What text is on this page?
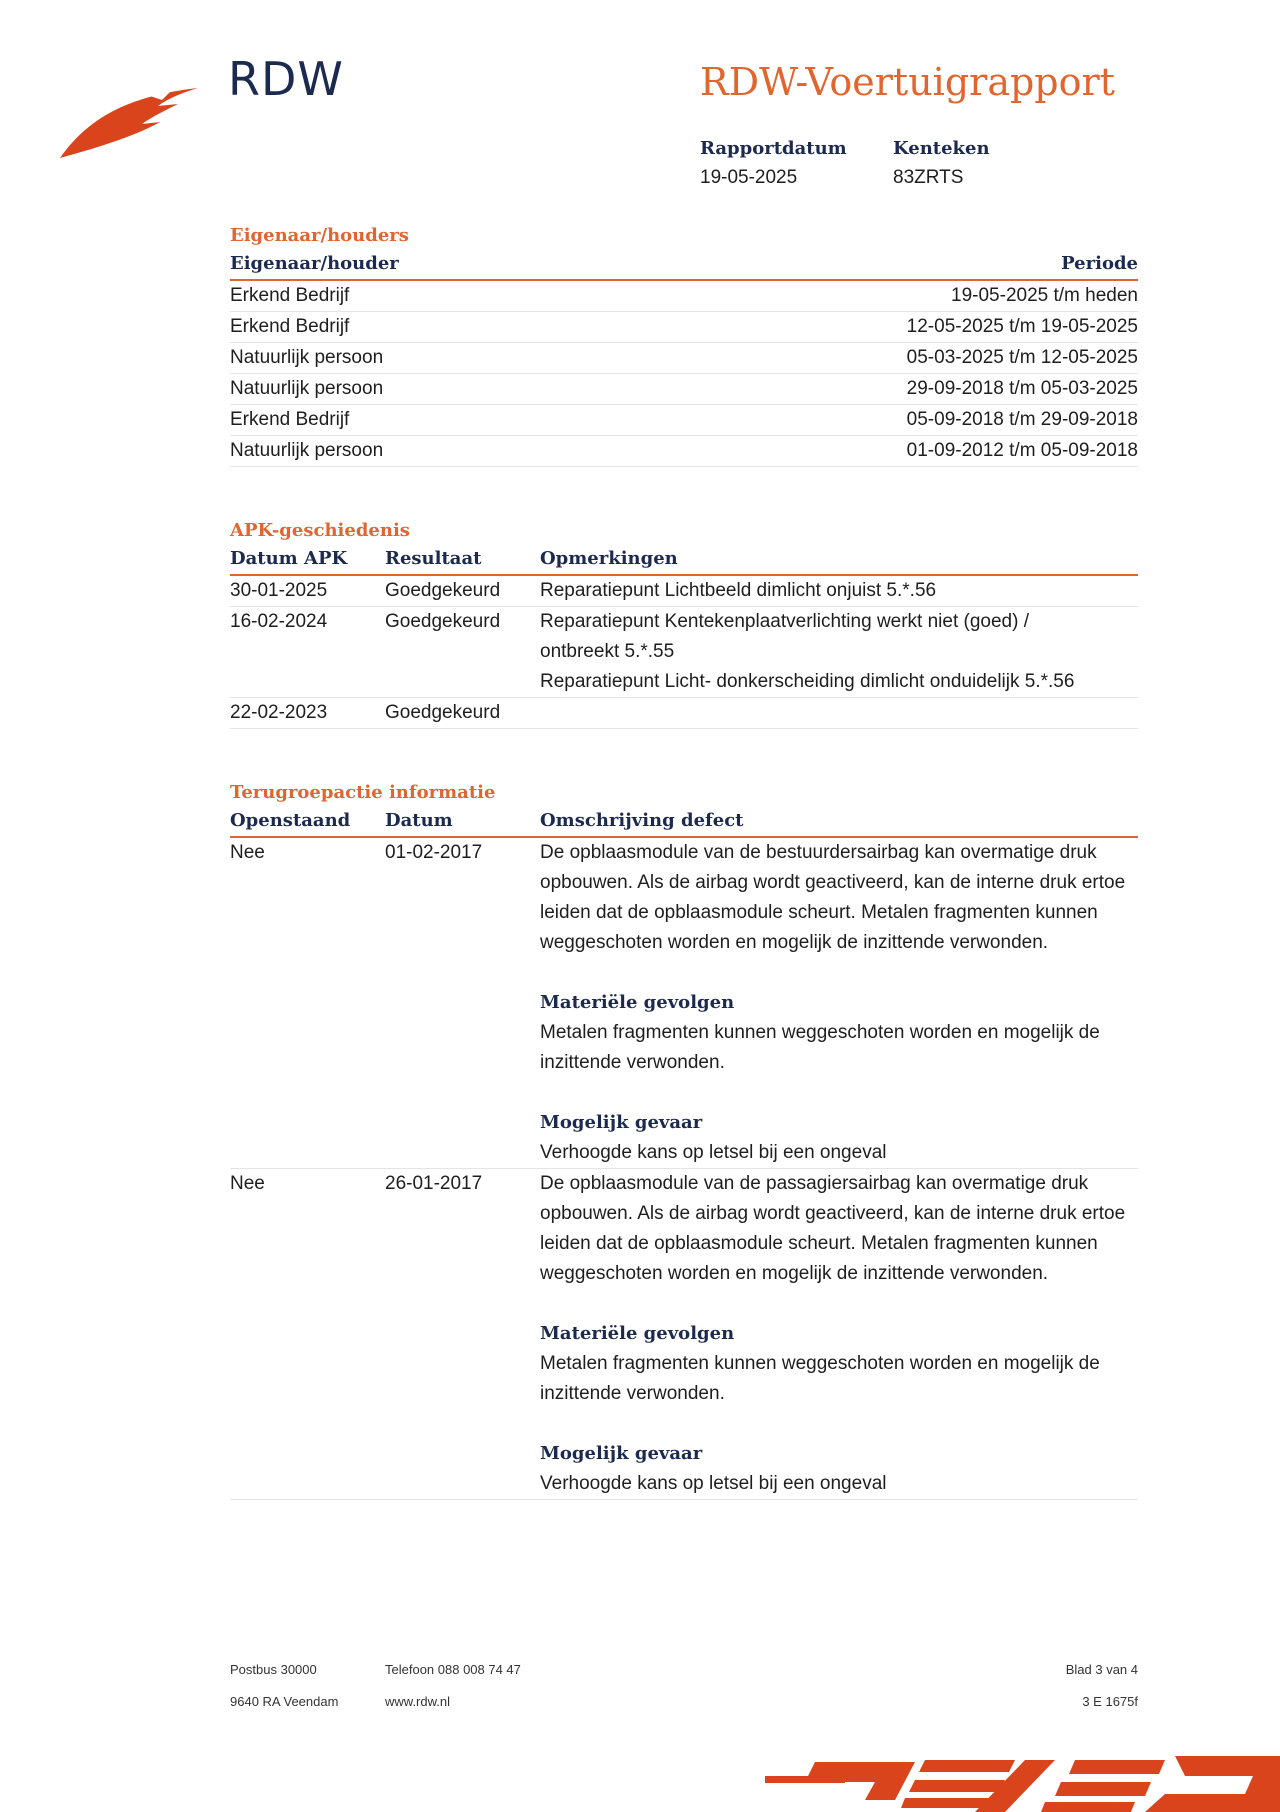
RDW	RDW-Voertuigrapport
Rapportdatum
19-05-2025
Kenteken
83ZRTS
Eigenaar/houders
Eigenaar/houder	Periode
Erkend Bedrijf	19-05-2025 t/m heden
Erkend Bedrijf	12-05-2025 t/m 19-05-2025
Natuurlijk persoon	05-03-2025 t/m 12-05-2025
Natuurlijk persoon	29-09-2018 t/m 05-03-2025
Erkend Bedrijf	05-09-2018 t/m 29-09-2018
Natuurlijk persoon	01-09-2012 t/m 05-09-2018
APK-geschiedenis
Datum APK	Resultaat	Opmerkingen
30-01-2025	Goedgekeurd	Reparatiepunt Lichtbeeld dimlicht onjuist 5.*.56
16-02-2024	Goedgekeurd	Reparatiepunt Kentekenplaatverlichting werkt niet (goed) / ontbreekt 5.*.55
Reparatiepunt Licht- donkerscheiding dimlicht onduidelijk 5.*.56
22-02-2023	Goedgekeurd
Terugroepactie informatie
Openstaand	Datum	Omschrijving defect
Nee	01-02-2017	De opblaasmodule van de bestuurdersairbag kan overmatige druk opbouwen. Als de airbag wordt geactiveerd, kan de interne druk ertoe leiden dat de opblaasmodule scheurt. Metalen fragmenten kunnen weggeschoten worden en mogelijk de inzittende verwonden.
Materiële gevolgen
Metalen fragmenten kunnen weggeschoten worden en mogelijk de inzittende verwonden.
Mogelijk gevaar
Verhoogde kans op letsel bij een ongeval
Nee	26-01-2017	De opblaasmodule van de passagiersairbag kan overmatige druk opbouwen. Als de airbag wordt geactiveerd, kan de interne druk ertoe leiden dat de opblaasmodule scheurt. Metalen fragmenten kunnen weggeschoten worden en mogelijk de inzittende verwonden.
Materiële gevolgen
Metalen fragmenten kunnen weggeschoten worden en mogelijk de inzittende verwonden.
Mogelijk gevaar
Verhoogde kans op letsel bij een ongeval
Postbus 30000
9640 RA Veendam
Telefoon 088 008 74 47
www.rdw.nl
Blad 3 van 4
3 E 1675f
